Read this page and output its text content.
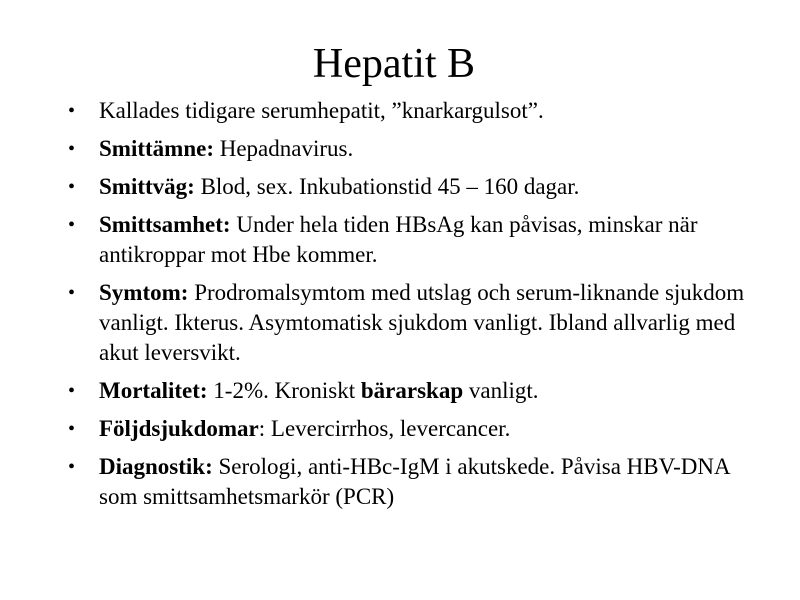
Hepatit B
• Kallades tidigare serumhepatit, ”knarkargulsot”.
• Smittämne: Hepadnavirus.
• Smittväg: Blod, sex. Inkubationstid 45 – 160 dagar.
• Smittsamhet: Under hela tiden HBsAg kan påvisas, minskar när antikroppar mot Hbe kommer.
• Symtom: Prodromalsymtom med utslag och serum-liknande sjukdom vanligt. Ikterus. Asymtomatisk sjukdom vanligt. Ibland allvarlig med akut leversvikt.
• Mortalitet: 1-2%. Kroniskt bärarskap vanligt.
• Följdsjukdomar: Levercirrhos, levercancer.
• Diagnostik: Serologi, anti-HBc-IgM i akutskede. Påvisa HBV-DNA som smittsamhetsmarkör (PCR)
